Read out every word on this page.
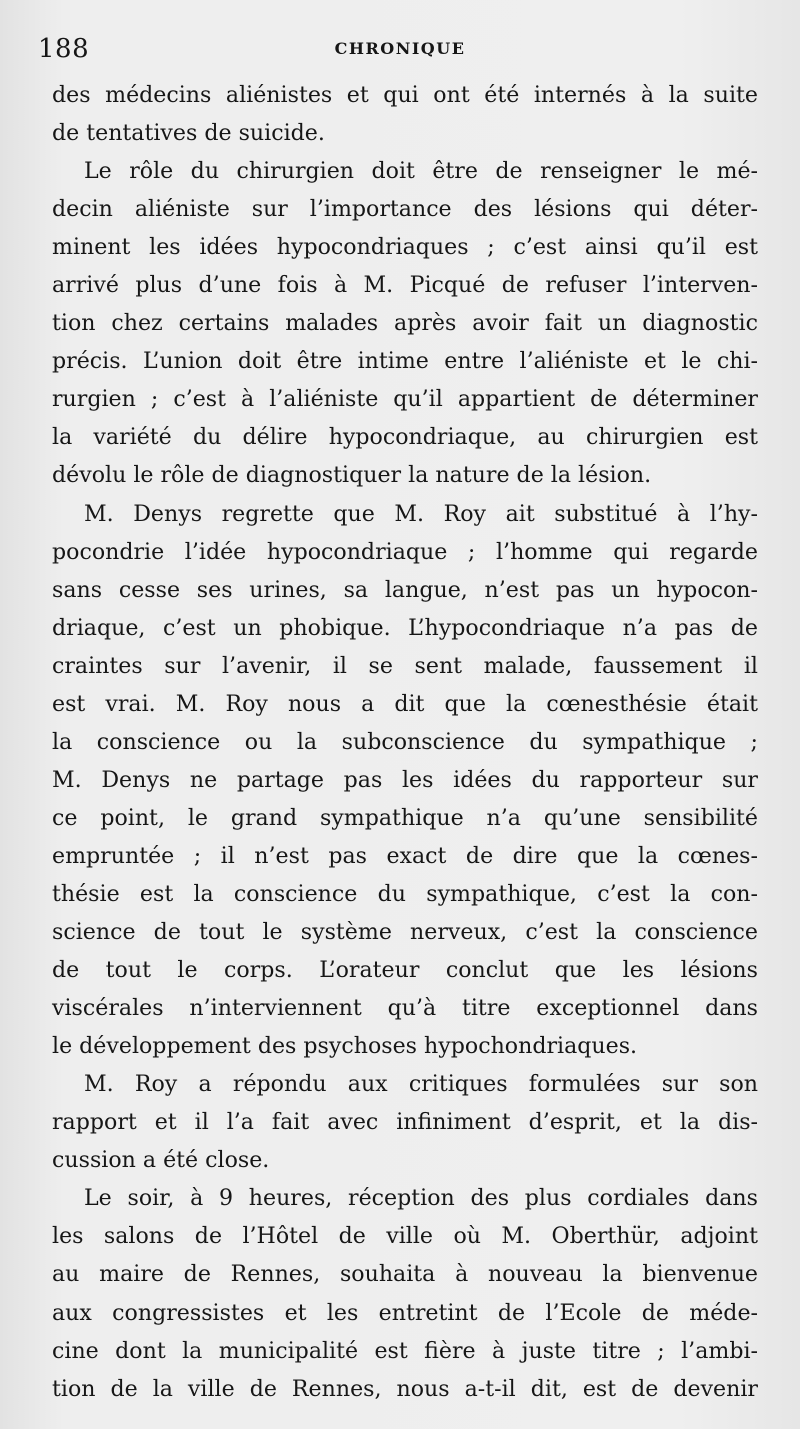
188	CHRONIQUE
des médecins aliénistes et qui ont été internés à la suite
de tentatives de suicide.
Le rôle du chirurgien doit être de renseigner le mé-
decin aliéniste sur l’importance des lésions qui déter-
minent les idées hypocondriaques ; c’est ainsi qu’il est
arrivé plus d’une fois à M. Picqué de refuser l’interven-
tion chez certains malades après avoir fait un diagnostic
précis. L’union doit être intime entre l’aliéniste et le chi-
rurgien ; c’est à l’aliéniste qu’il appartient de déterminer
la variété du délire hypocondriaque, au chirurgien est
dévolu le rôle de diagnostiquer la nature de la lésion.
M. Denys regrette que M. Roy ait substitué à l’hy-
pocondrie l’idée hypocondriaque ; l’homme qui regarde
sans cesse ses urines, sa langue, n’est pas un hypocon-
driaque, c’est un phobique. L’hypocondriaque n’a pas de
craintes sur l’avenir, il se sent malade, faussement il
est vrai. M. Roy nous a dit que la cœnesthésie était
la conscience ou la subconscience du sympathique ;
M. Denys ne partage pas les idées du rapporteur sur
ce point, le grand sympathique n’a qu’une sensibilité
empruntée ; il n’est pas exact de dire que la cœnes-
thésie est la conscience du sympathique, c’est la con-
science de tout le système nerveux, c’est la conscience
de tout le corps. L’orateur conclut que les lésions
viscérales n’interviennent qu’à titre exceptionnel dans
le développement des psychoses hypochondriaques.
M. Roy a répondu aux critiques formulées sur son
rapport et il l’a fait avec infiniment d’esprit, et la dis-
cussion a été close.
Le soir, à 9 heures, réception des plus cordiales dans
les salons de l’Hôtel de ville où M. Oberthür, adjoint
au maire de Rennes, souhaita à nouveau la bienvenue
aux congressistes et les entretint de l’Ecole de méde-
cine dont la municipalité est fière à juste titre ; l’ambi-
tion de la ville de Rennes, nous a-t-il dit, est de devenir
